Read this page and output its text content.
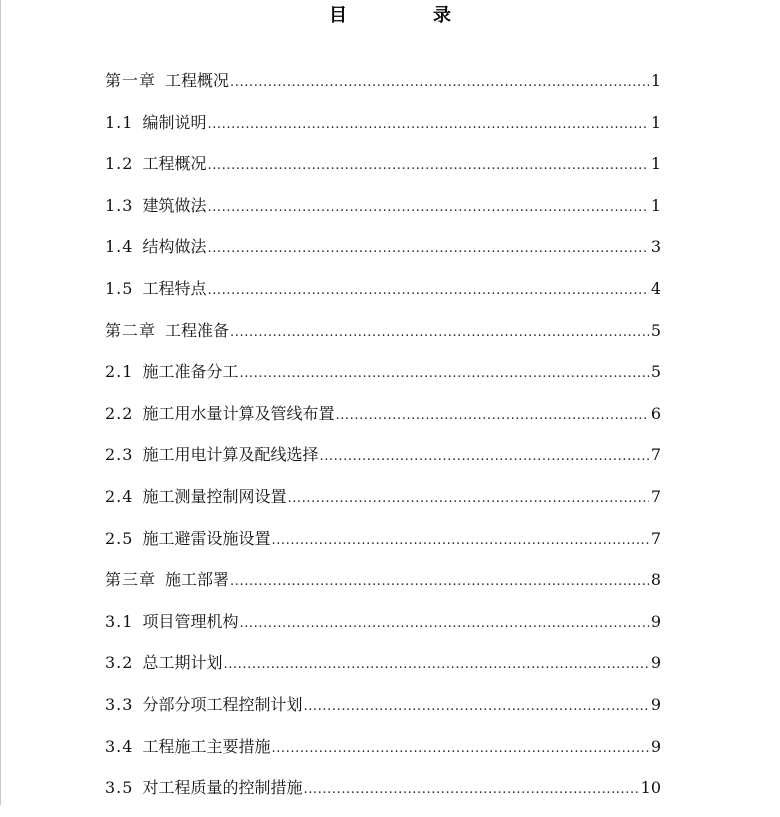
目　录
第一章 工程概况 .....	1
1.1 编制说明 .....	1
1.2 工程概况 .....	1
1.3 建筑做法 .....	1
1.4 结构做法 .....	3
1.5 工程特点 .....	4
第二章 工程准备 .....	5
2.1 施工准备分工 .....	5
2.2 施工用水量计算及管线布置 .....	6
2.3 施工用电计算及配线选择 .....	7
2.4 施工测量控制网设置 .....	7
2.5 施工避雷设施设置 .....	7
第三章 施工部署 .....	8
3.1 项目管理机构 .....	9
3.2 总工期计划 .....	9
3.3 分部分项工程控制计划 .....	9
3.4 工程施工主要措施 .....	9
3.5 对工程质量的控制措施 .....	10
